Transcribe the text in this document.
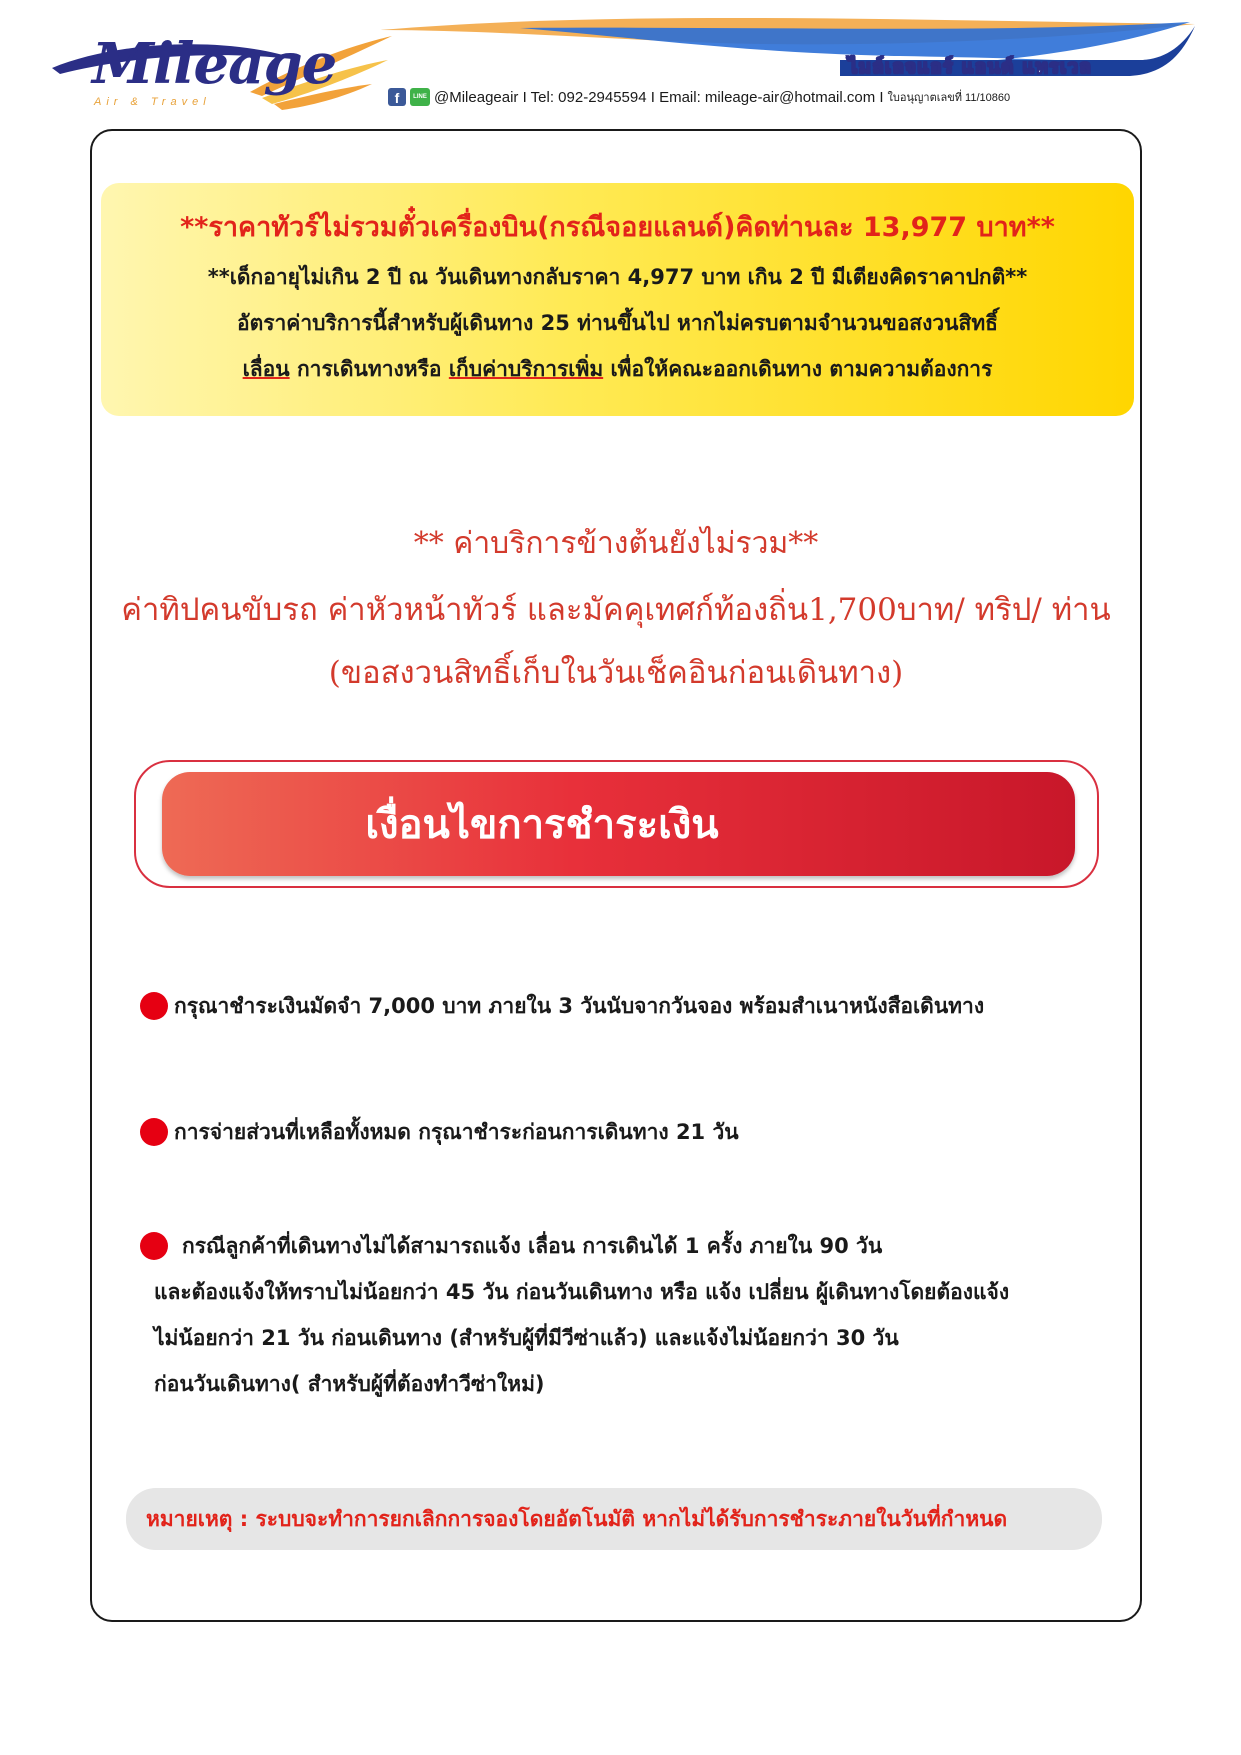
Mileage
Air & Travel
ไมล์เลจแอร์ แอนด์ แทรเวล
f	LINE @Mileageair I Tel: 092-2945594 I Email: mileage-air@hotmail.com I ใบอนุญาตเลขที่ 11/10860
**ราคาทัวร์ไม่รวมตั๋วเครื่องบิน(กรณีจอยแลนด์)คิดท่านละ 13,977 บาท**
**เด็กอายุไม่เกิน 2 ปี ณ วันเดินทางกลับราคา 4,977 บาท เกิน 2 ปี มีเตียงคิดราคาปกติ**
อัตราค่าบริการนี้สำหรับผู้เดินทาง 25 ท่านขึ้นไป หากไม่ครบตามจำนวนขอสงวนสิทธิ์
เลื่อน การเดินทางหรือ เก็บค่าบริการเพิ่ม เพื่อให้คณะออกเดินทาง ตามความต้องการ
** ค่าบริการข้างต้นยังไม่รวม**
ค่าทิปคนขับรถ ค่าหัวหน้าทัวร์ และมัคคุเทศก์ท้องถิ่น1,700บาท/ ทริป/ ท่าน
(ขอสงวนสิทธิ์เก็บในวันเช็คอินก่อนเดินทาง)
เงื่อนไขการชำระเงิน
กรุณาชำระเงินมัดจำ 7,000 บาท ภายใน 3 วันนับจากวันจอง พร้อมสำเนาหนังสือเดินทาง
การจ่ายส่วนที่เหลือทั้งหมด กรุณาชำระก่อนการเดินทาง 21 วัน
กรณีลูกค้าที่เดินทางไม่ได้สามารถแจ้ง เลื่อน การเดินได้ 1 ครั้ง ภายใน 90 วัน
และต้องแจ้งให้ทราบไม่น้อยกว่า 45 วัน ก่อนวันเดินทาง หรือ แจ้ง เปลี่ยน ผู้เดินทางโดยต้องแจ้ง
ไม่น้อยกว่า 21 วัน ก่อนเดินทาง (สำหรับผู้ที่มีวีซ่าแล้ว) และแจ้งไม่น้อยกว่า 30 วัน
ก่อนวันเดินทาง( สำหรับผู้ที่ต้องทำวีซ่าใหม่)
หมายเหตุ : ระบบจะทำการยกเลิกการจองโดยอัตโนมัติ หากไม่ได้รับการชำระภายในวันที่กำหนด
